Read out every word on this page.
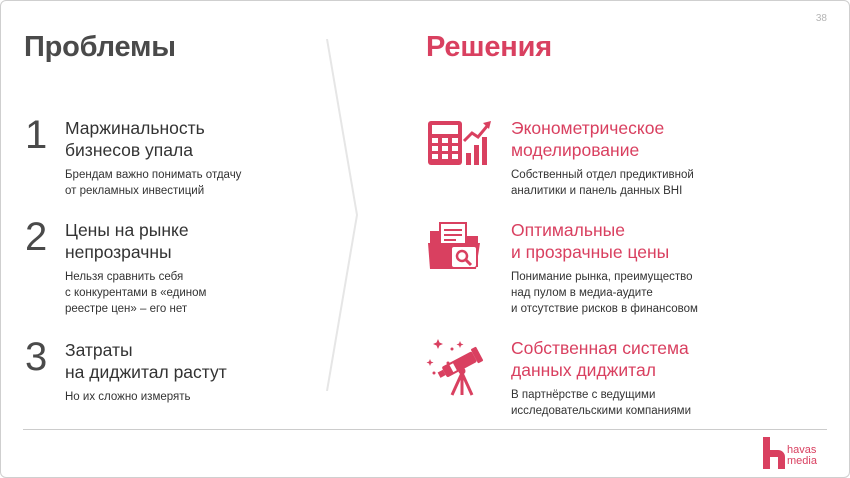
38
Проблемы	Решения
1 Маржинальность
бизнесов упала
Брендам важно понимать отдачу
от рекламных инвестиций
2 Цены на рынке
непрозрачны
Нельзя сравнить себя
с конкурентами в «едином
реестре цен» – его нет
3 Затраты
на диджитал растут
Но их сложно измерять
Эконометрическое
моделирование
Собственный отдел предиктивной
аналитики и панель данных BHI
Оптимальные
и прозрачные цены
Понимание рынка, преимущество
над пулом в медиа-аудите
и отсутствие рисков в финансовом
Собственная система
данных диджитал
В партнёрстве с ведущими
исследовательскими компаниями
havas
media
